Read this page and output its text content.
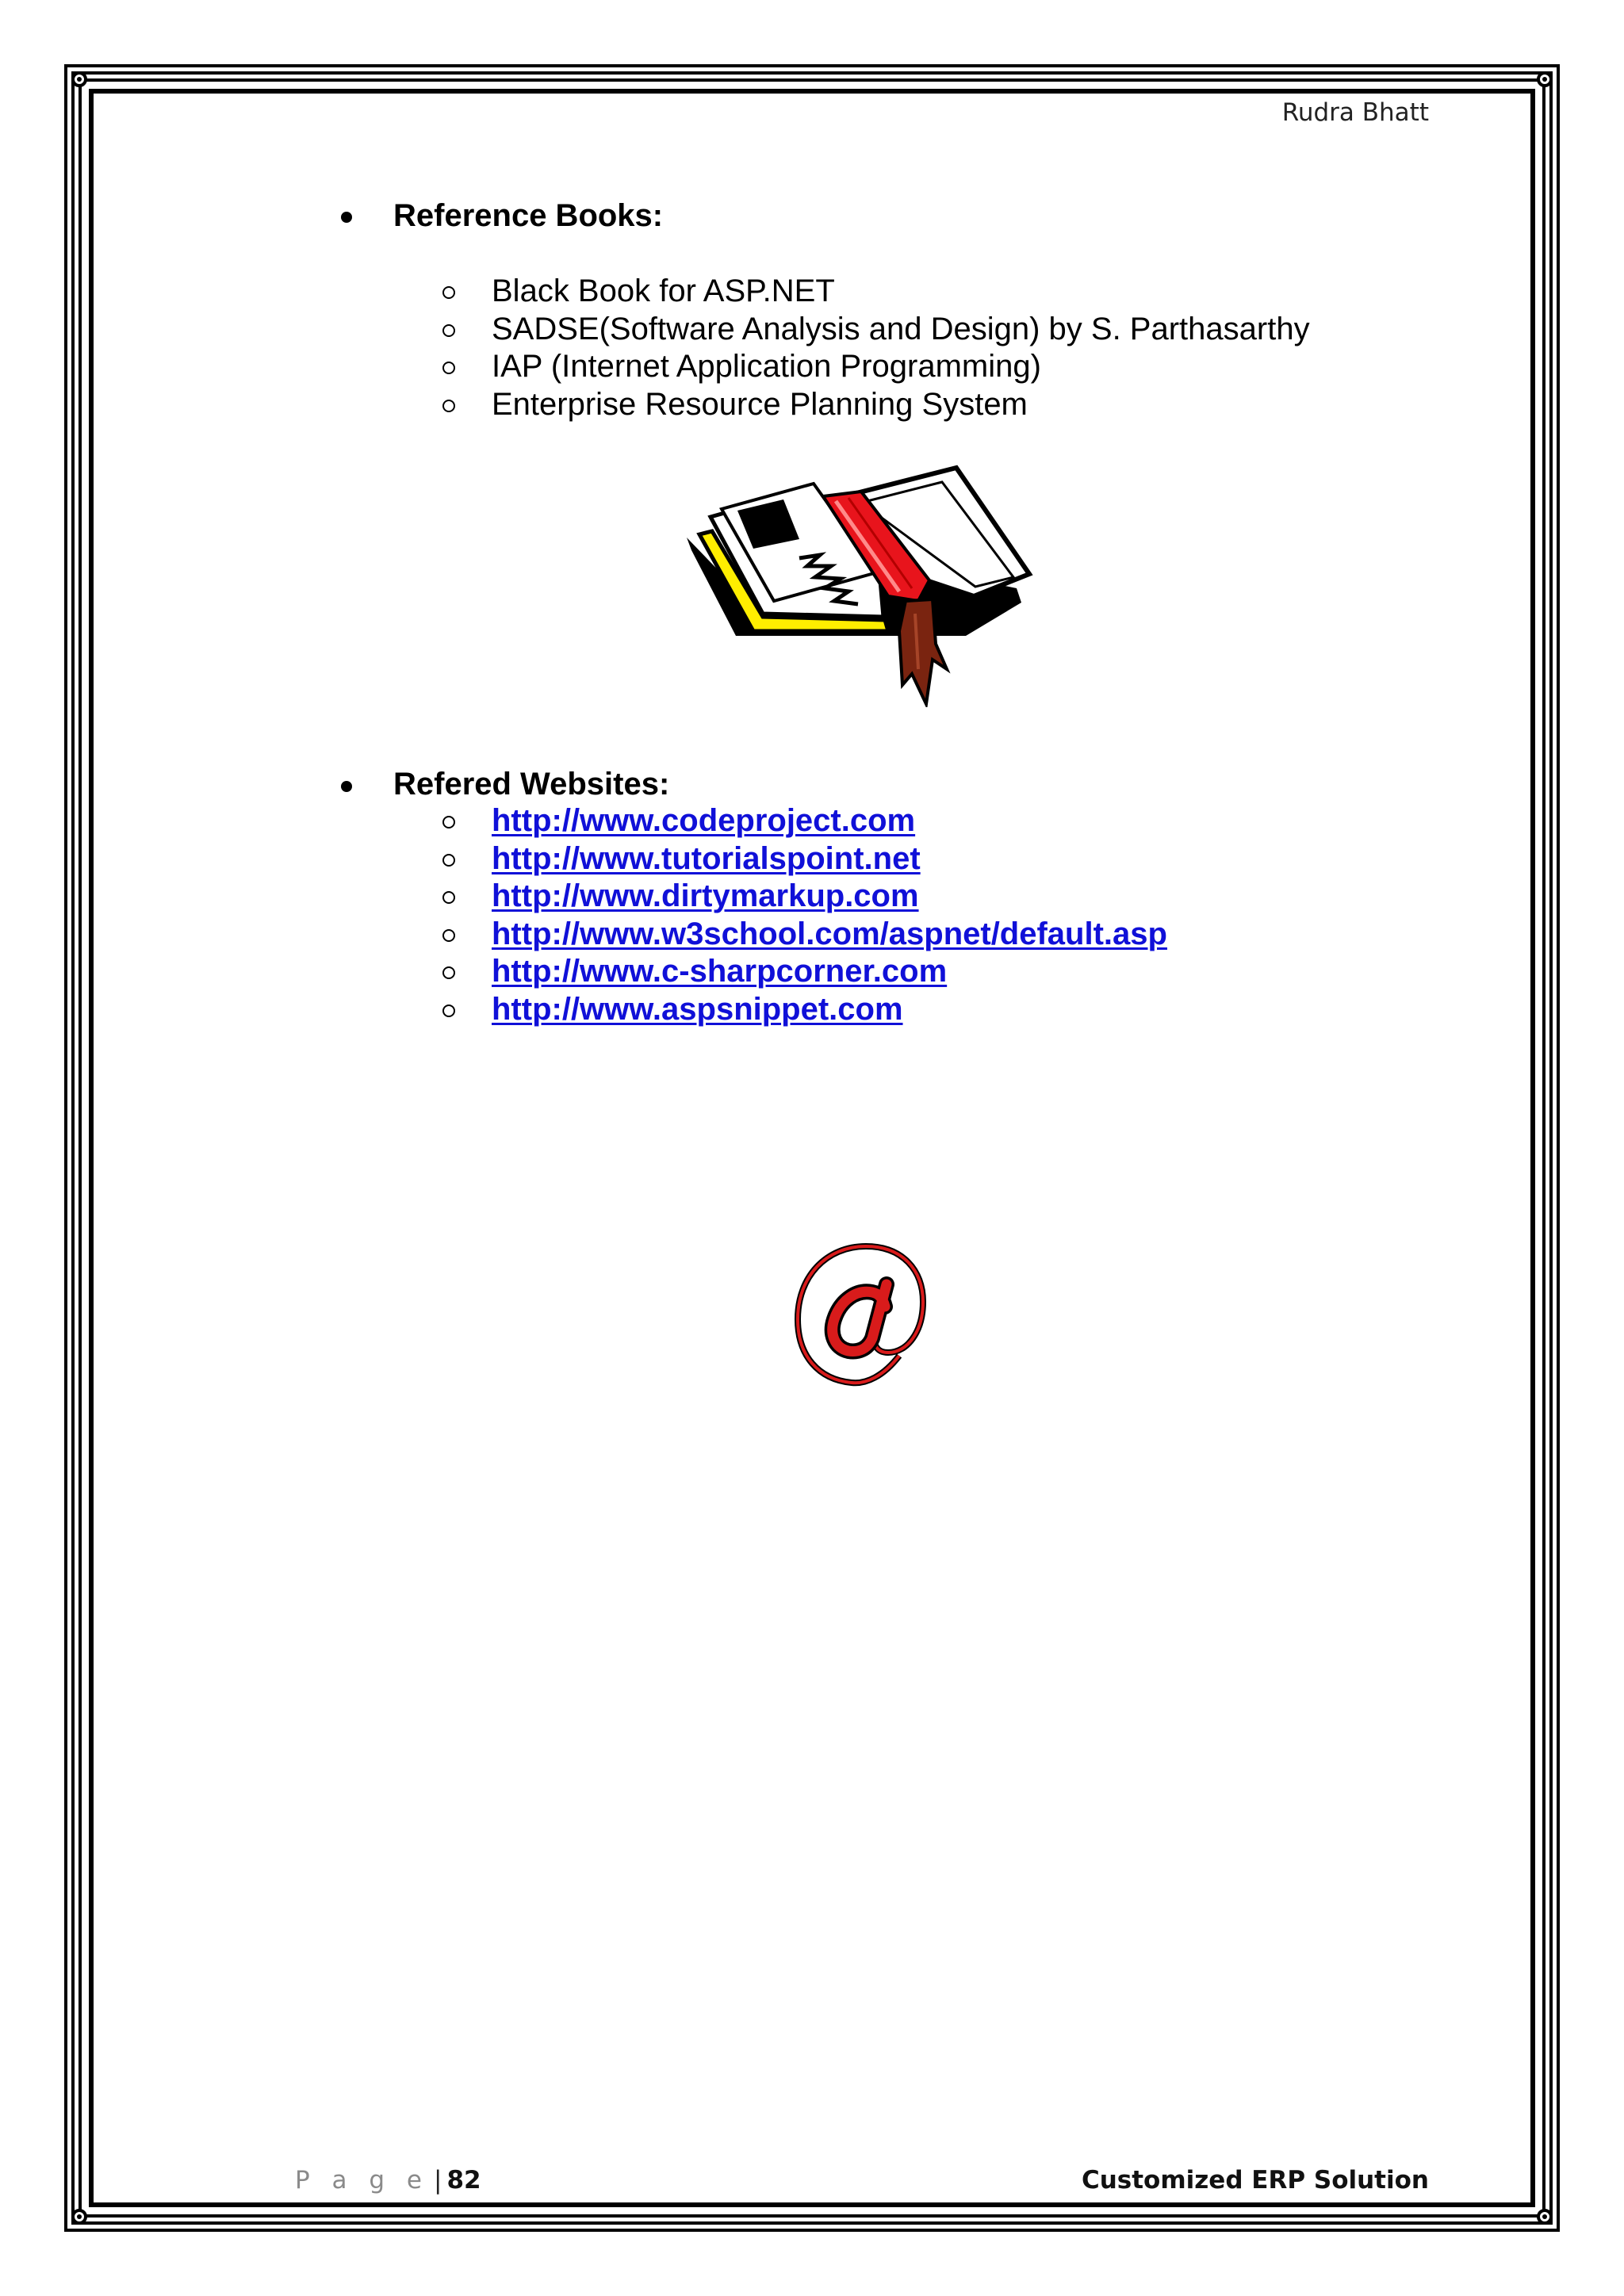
Rudra Bhatt
Reference Books:
Black Book for ASP.NET
SADSE(Software Analysis and Design) by S. Parthasarthy
IAP (Internet Application Programming)
Enterprise Resource Planning System
Refered Websites:
http://www.codeproject.com
http://www.tutorialspoint.net
http://www.dirtymarkup.com
http://www.w3school.com/aspnet/default.asp
http://www.c-sharpcorner.com
http://www.aspsnippet.com
P a g e | 82	Customized ERP Solution
